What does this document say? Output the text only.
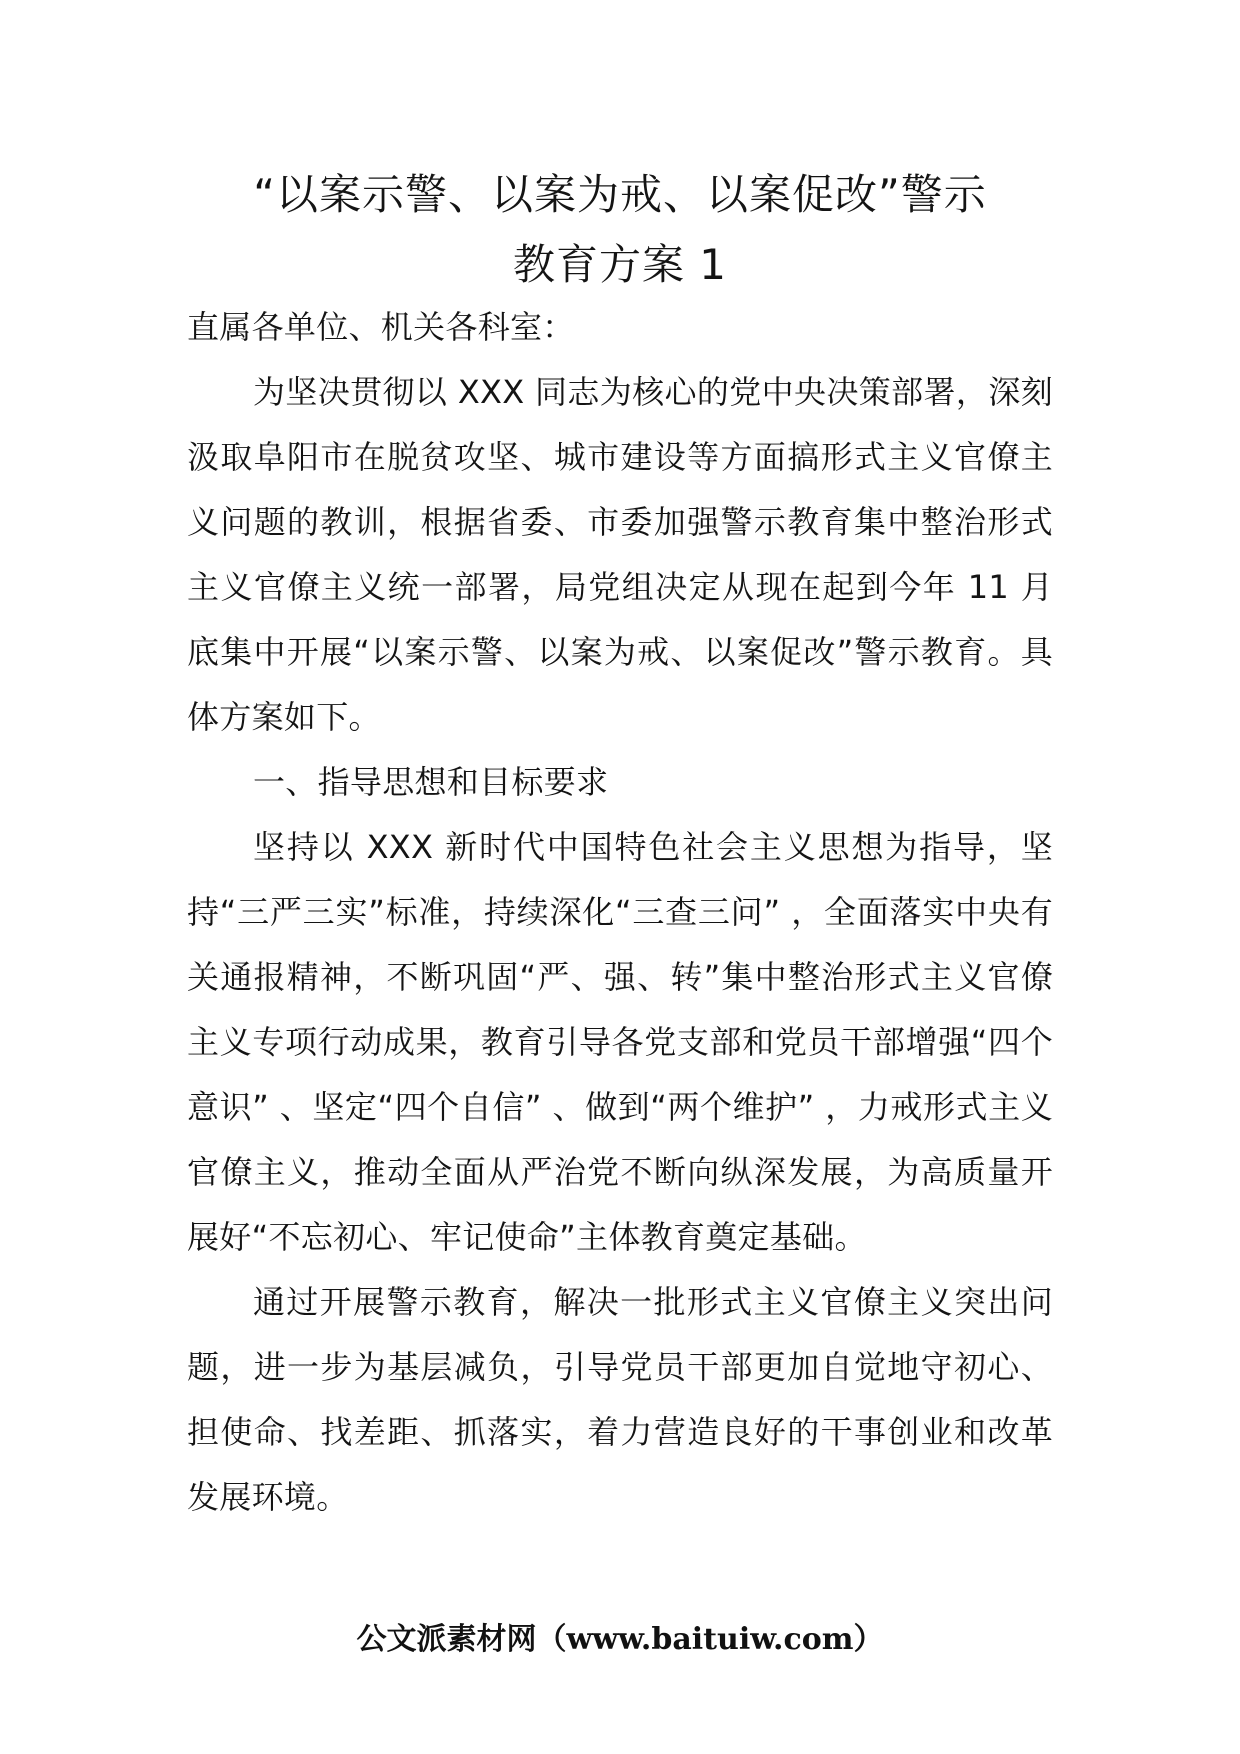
“以案示警、以案为戒、以案促改”警示
教育方案 1

直属各单位、机关各科室：

为坚决贯彻以 XXX 同志为核心的党中央决策部署，深刻汲取阜阳市在脱贫攻坚、城市建设等方面搞形式主义官僚主义问题的教训，根据省委、市委加强警示教育集中整治形式主义官僚主义统一部署，局党组决定从现在起到今年 11 月底集中开展“以案示警、以案为戒、以案促改”警示教育。具体方案如下。

一、指导思想和目标要求

坚持以 XXX 新时代中国特色社会主义思想为指导，坚持“三严三实”标准，持续深化“三查三问” ，全面落实中央有关通报精神，不断巩固“严、强、转”集中整治形式主义官僚主义专项行动成果，教育引导各党支部和党员干部增强“四个意识” 、坚定“四个自信” 、做到“两个维护” ，力戒形式主义官僚主义，推动全面从严治党不断向纵深发展，为高质量开展好“不忘初心、牢记使命”主体教育奠定基础。

通过开展警示教育，解决一批形式主义官僚主义突出问题，进一步为基层减负，引导党员干部更加自觉地守初心、担使命、找差距、抓落实，着力营造良好的干事创业和改革发展环境。

公文派素材网（www.baituiw.com）
